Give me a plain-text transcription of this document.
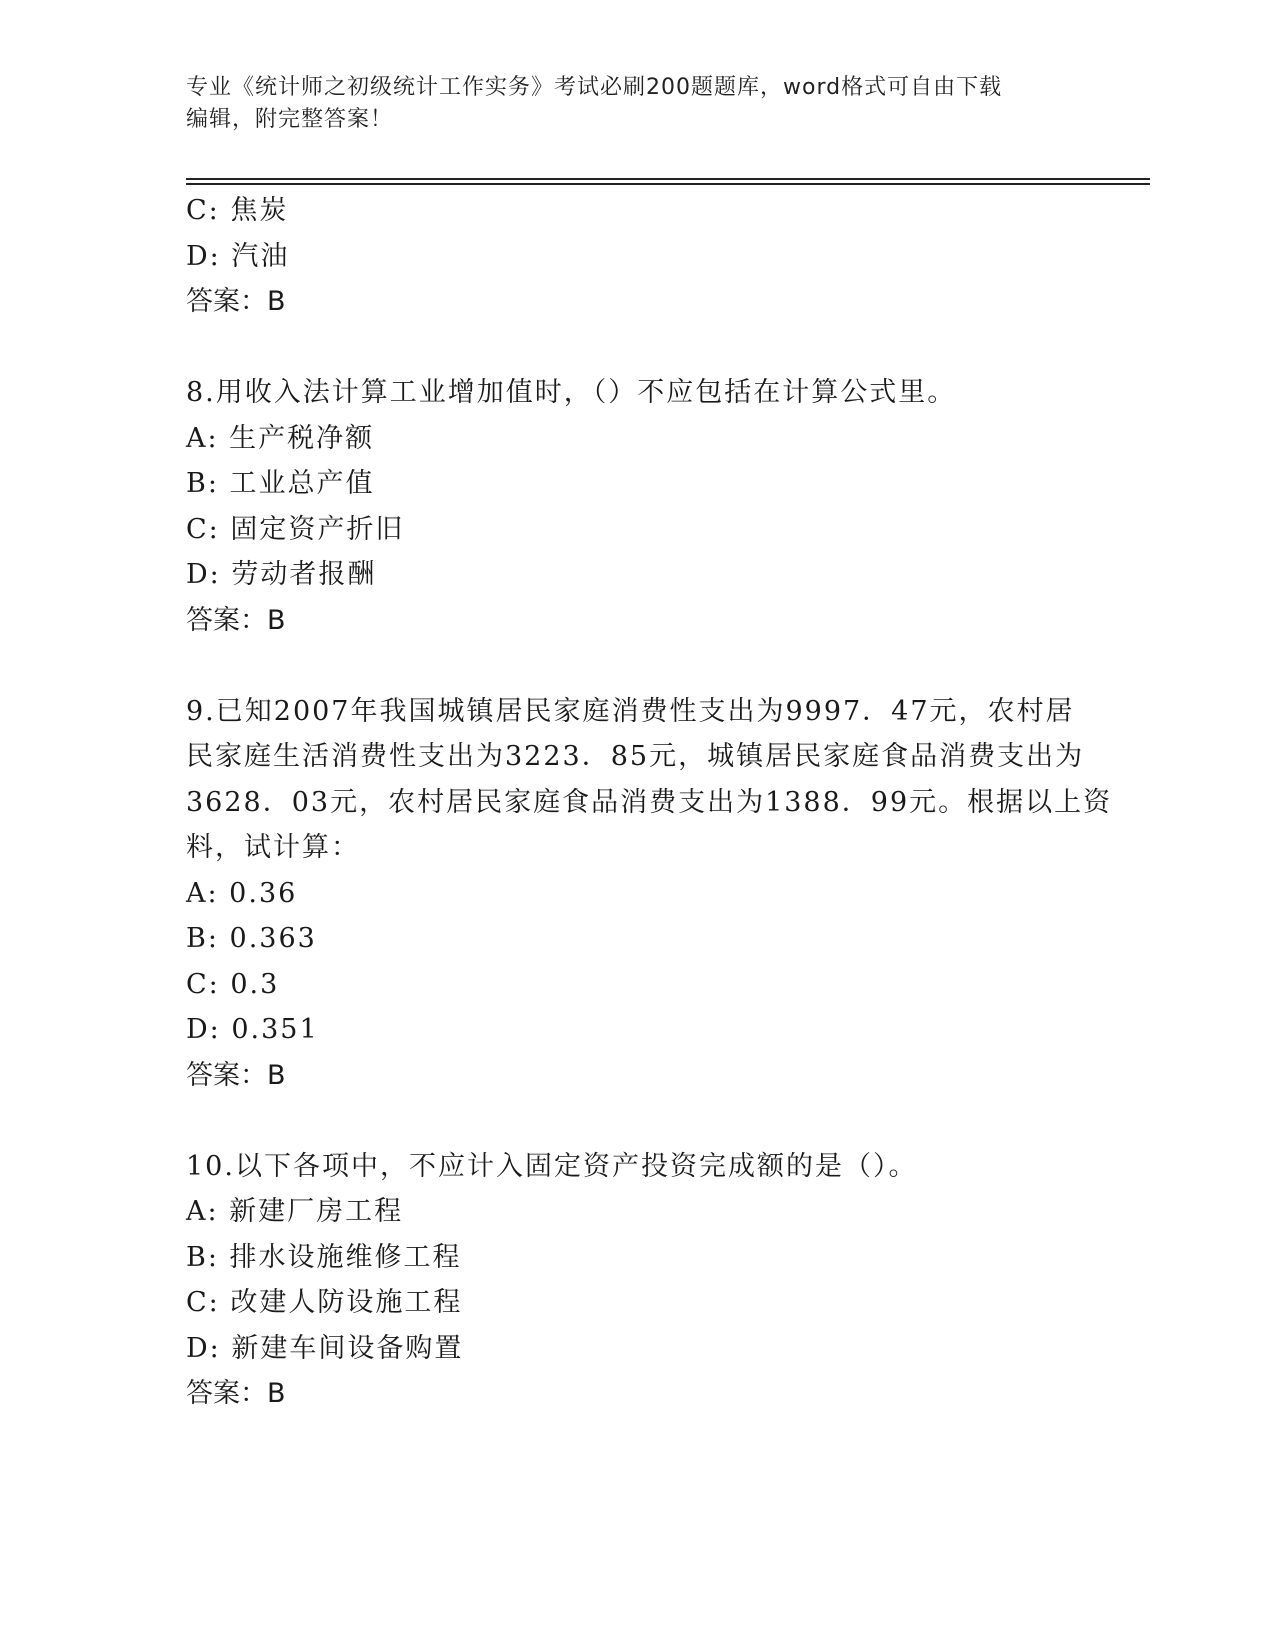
专业《统计师之初级统计工作实务》考试必刷200题题库，word格式可自由下载
编辑，附完整答案！
C: 焦炭
D: 汽油
答案：B
8.用收入法计算工业增加值时，（）不应包括在计算公式里。
A: 生产税净额
B: 工业总产值
C: 固定资产折旧
D: 劳动者报酬
答案：B
9.已知2007年我国城镇居民家庭消费性支出为9997．47元，农村居
民家庭生活消费性支出为3223．85元，城镇居民家庭食品消费支出为
3628．03元，农村居民家庭食品消费支出为1388．99元。根据以上资
料，试计算：
A: 0.36
B: 0.363
C: 0.3
D: 0.351
答案：B
10.以下各项中，不应计入固定资产投资完成额的是（）。
A: 新建厂房工程
B: 排水设施维修工程
C: 改建人防设施工程
D: 新建车间设备购置
答案：B
